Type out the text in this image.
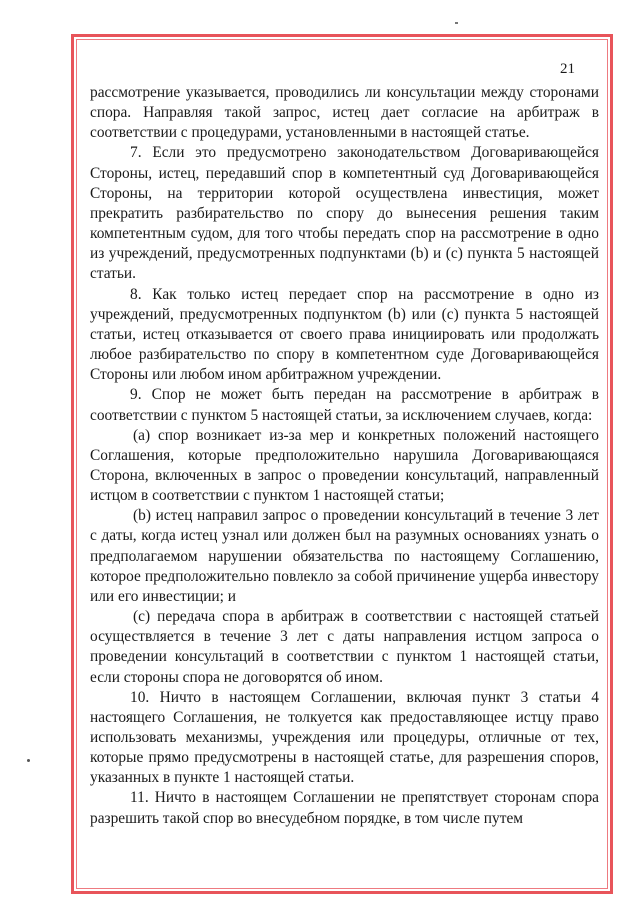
21

рассмотрение указывается, проводились ли консультации между сторонами спора. Направляя такой запрос, истец дает согласие на арбитраж в соответствии с процедурами, установленными в настоящей статье.

7. Если это предусмотрено законодательством Договаривающейся Стороны, истец, передавший спор в компетентный суд Договаривающейся Стороны, на территории которой осуществлена инвестиция, может прекратить разбирательство по спору до вынесения решения таким компетентным судом, для того чтобы передать спор на рассмотрение в одно из учреждений, предусмотренных подпунктами (b) и (c) пункта 5 настоящей статьи.

8. Как только истец передает спор на рассмотрение в одно из учреждений, предусмотренных подпунктом (b) или (c) пункта 5 настоящей статьи, истец отказывается от своего права инициировать или продолжать любое разбирательство по спору в компетентном суде Договаривающейся Стороны или любом ином арбитражном учреждении.

9. Спор не может быть передан на рассмотрение в арбитраж в соответствии с пунктом 5 настоящей статьи, за исключением случаев, когда:

(a) спор возникает из-за мер и конкретных положений настоящего Соглашения, которые предположительно нарушила Договаривающаяся Сторона, включенных в запрос о проведении консультаций, направленный истцом в соответствии с пунктом 1 настоящей статьи;

(b) истец направил запрос о проведении консультаций в течение 3 лет с даты, когда истец узнал или должен был на разумных основаниях узнать о предполагаемом нарушении обязательства по настоящему Соглашению, которое предположительно повлекло за собой причинение ущерба инвестору или его инвестиции; и

(c) передача спора в арбитраж в соответствии с настоящей статьей осуществляется в течение 3 лет с даты направления истцом запроса о проведении консультаций в соответствии с пунктом 1 настоящей статьи, если стороны спора не договорятся об ином.

10. Ничто в настоящем Соглашении, включая пункт 3 статьи 4 настоящего Соглашения, не толкуется как предоставляющее истцу право использовать механизмы, учреждения или процедуры, отличные от тех, которые прямо предусмотрены в настоящей статье, для разрешения споров, указанных в пункте 1 настоящей статьи.

11. Ничто в настоящем Соглашении не препятствует сторонам спора разрешить такой спор во внесудебном порядке, в том числе путем
